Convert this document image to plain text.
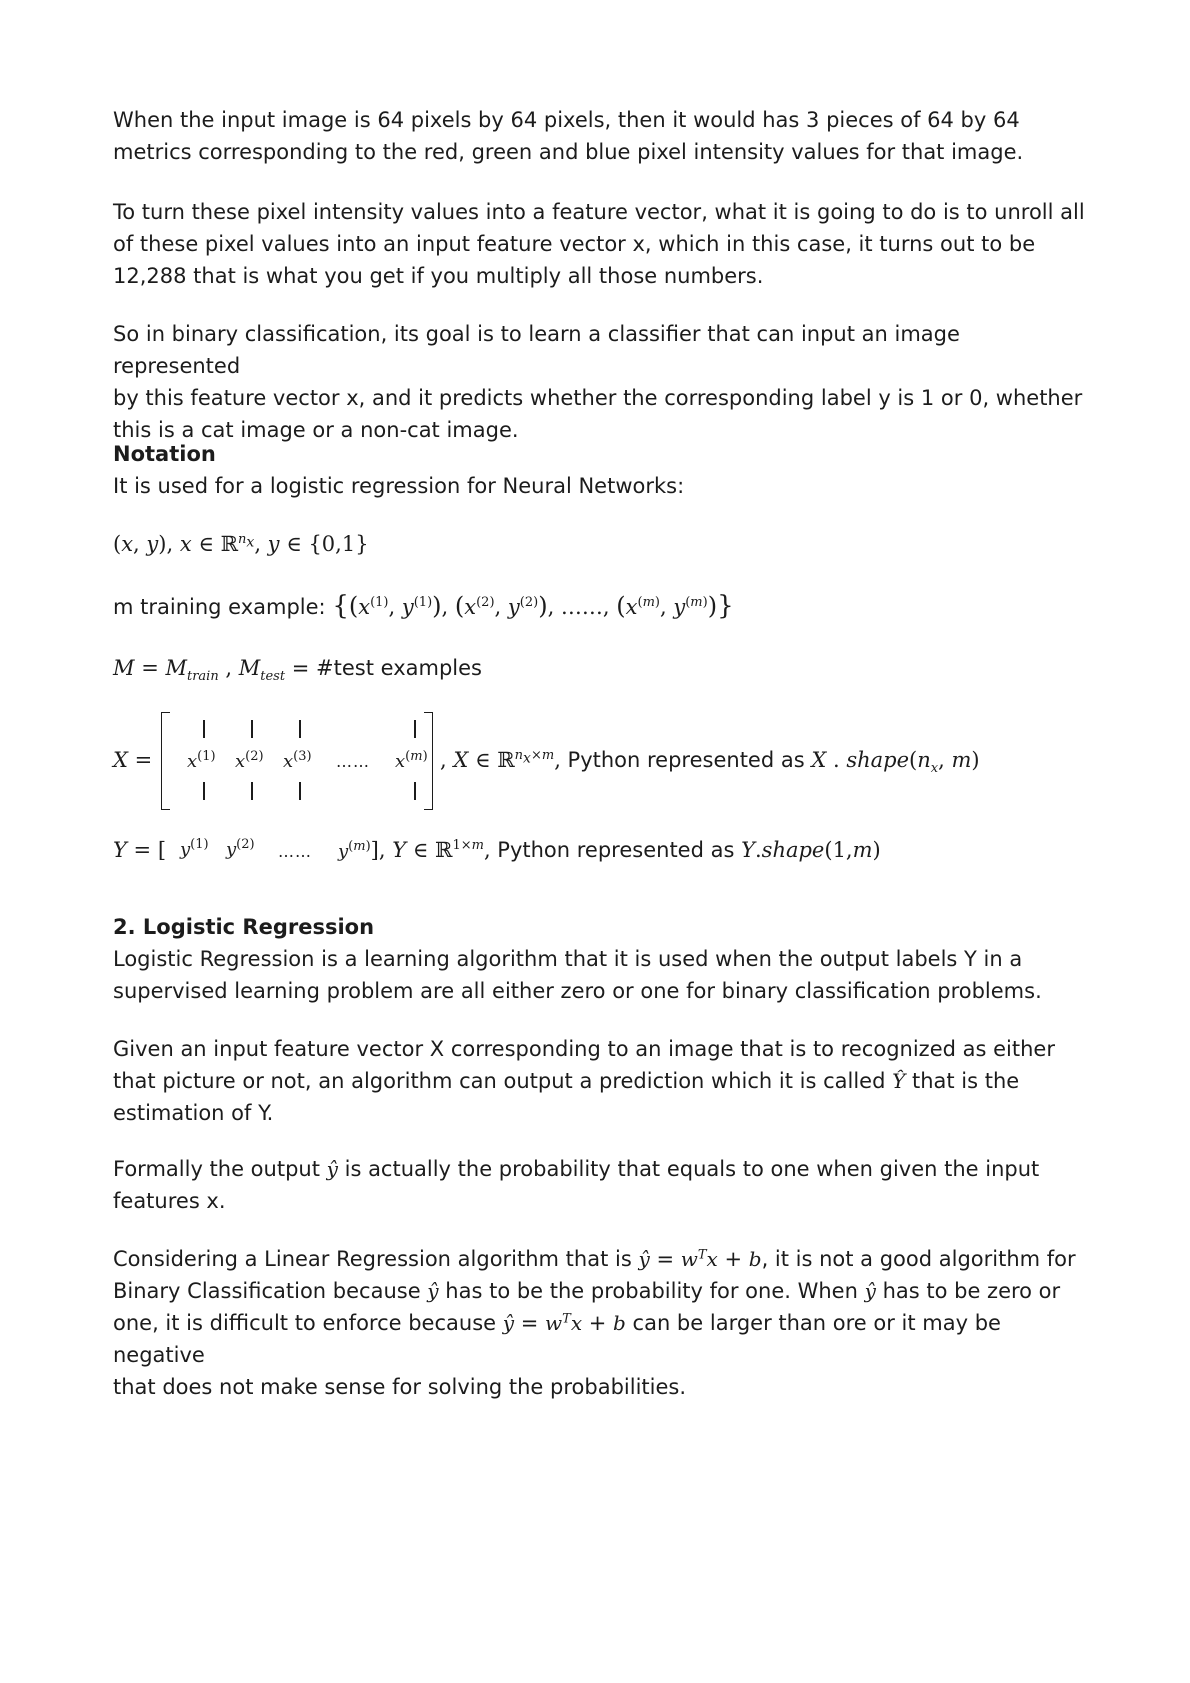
When the input image is 64 pixels by 64 pixels, then it would has 3 pieces of 64 by 64
metrics corresponding to the red, green and blue pixel intensity values for that image.

To turn these pixel intensity values into a feature vector, what it is going to do is to unroll all
of these pixel values into an input feature vector x, which in this case, it turns out to be
12,288 that is what you get if you multiply all those numbers.

So in binary classification, its goal is to learn a classifier that can input an image represented
by this feature vector x, and it predicts whether the corresponding label y is 1 or 0, whether
this is a cat image or a non-cat image.

Notation

It is used for a logistic regression for Neural Networks:

(x, y), x ∈ ℝ$^{n_x}$, y ∈ {0,1}
m training example: {($x^{(1)}$, $y^{(1)}$), ($x^{(2)}$, $y^{(2)}$), ……, ($x^{(m)}$, $y^{(m)}$)}
$M = M_{train}$ , $M_{test}$ = #test examples
$X = x^{(1)}$ $x^{(2)}$ $x^{(3)}$ …… $x^{(m)}$ , X ∈ ℝ$^{n_x\times m}$, Python represented as X . $shape(n_x$, m)
Y = [ $y^{(1)}$ $y^{(2)}$ …… $y^{(m)}$], Y ∈ ℝ$^{1\times m}$, Python represented as Y.shape(1,m)

2. Logistic Regression

Logistic Regression is a learning algorithm that it is used when the output labels Y in a
supervised learning problem are all either zero or one for binary classification problems.

Given an input feature vector X corresponding to an image that is to recognized as either
that picture or not, an algorithm can output a prediction which it is called Ŷ that is the
estimation of Y.

Formally the output ŷ is actually the probability that equals to one when given the input
features x.

Considering a Linear Regression algorithm that is ŷ = $w^Tx + b$, it is not a good algorithm for
Binary Classification because ŷ has to be the probability for one. When ŷ has to be zero or
one, it is difficult to enforce because ŷ = $w^Tx + b$ can be larger than ore or it may be negative
that does not make sense for solving the probabilities.
